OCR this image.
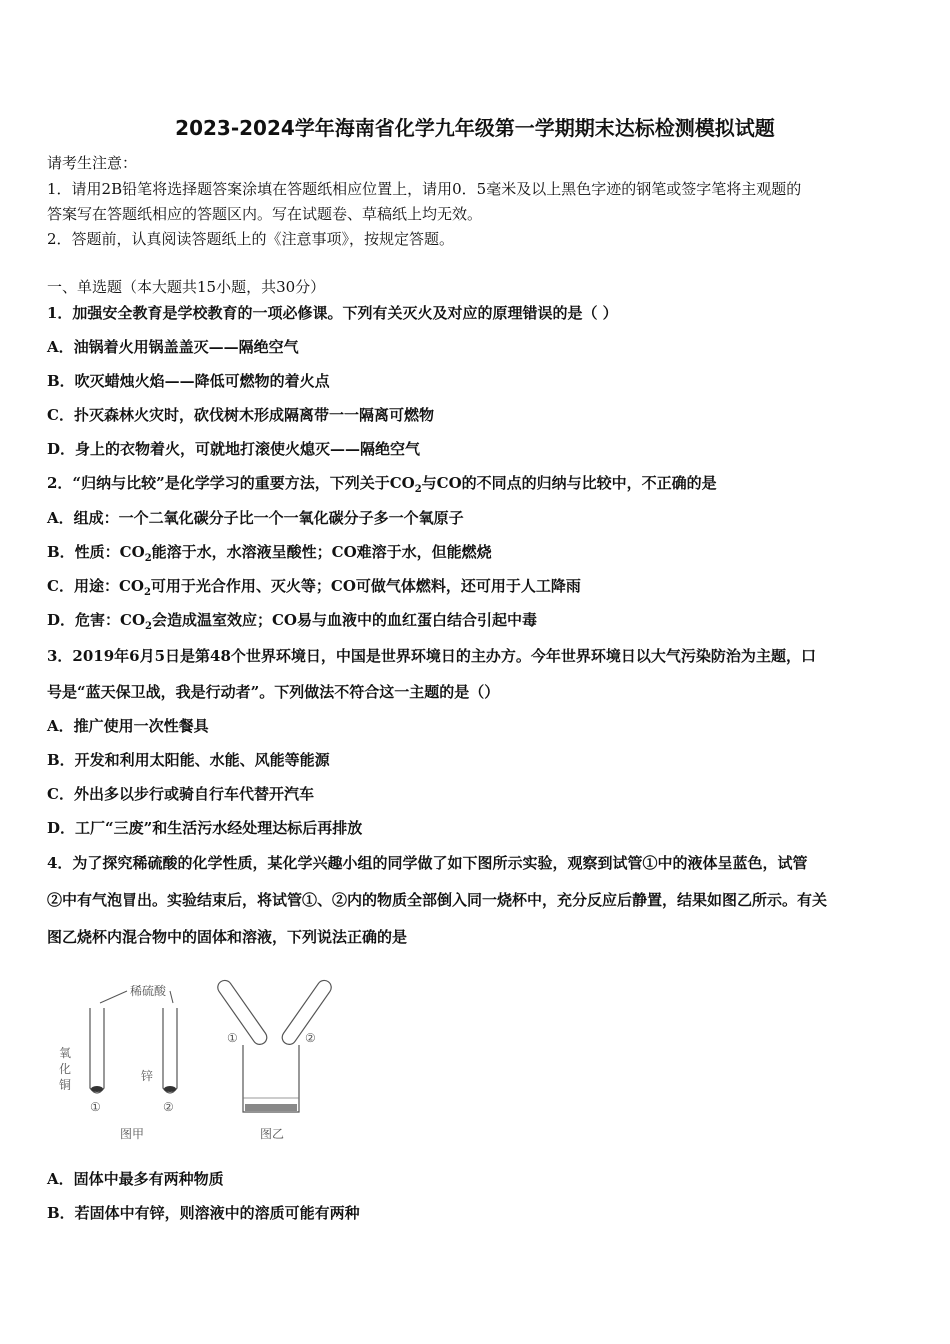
2023-2024学年海南省化学九年级第一学期期末达标检测模拟试题
请考生注意：
1．请用2B铅笔将选择题答案涂填在答题纸相应位置上，请用0．5毫米及以上黑色字迹的钢笔或签字笔将主观题的
答案写在答题纸相应的答题区内。写在试题卷、草稿纸上均无效。
2．答题前，认真阅读答题纸上的《注意事项》，按规定答题。
一、单选题（本大题共15小题，共30分）
1．加强安全教育是学校教育的一项必修课。下列有关灭火及对应的原理错误的是（ ）
A．油锅着火用锅盖盖灭——隔绝空气
B．吹灭蜡烛火焰——降低可燃物的着火点
C．扑灭森林火灾时，砍伐树木形成隔离带一一隔离可燃物
D．身上的衣物着火，可就地打滚使火熄灭——隔绝空气
2．“归纳与比较”是化学学习的重要方法，下列关于$CO_2$与CO的不同点的归纳与比较中，不正确的是
A．组成：一个二氧化碳分子比一个一氧化碳分子多一个氧原子
B．性质：$CO_2$能溶于水，水溶液呈酸性；CO难溶于水，但能燃烧
C．用途：$CO_2$可用于光合作用、灭火等；CO可做气体燃料，还可用于人工降雨
D．危害：$CO_2$会造成温室效应；CO易与血液中的血红蛋白结合引起中毒
3．2019年6月5日是第48个世界环境日，中国是世界环境日的主办方。今年世界环境日以大气污染防治为主题，口
号是“蓝天保卫战，我是行动者”。下列做法不符合这一主题的是（）
A．推广使用一次性餐具
B．开发和利用太阳能、水能、风能等能源
C．外出多以步行或骑自行车代替开汽车
D．工厂“三废”和生活污水经处理达标后再排放
4．为了探究稀硫酸的化学性质，某化学兴趣小组的同学做了如下图所示实验，观察到试管①中的液体呈蓝色，试管
②中有气泡冒出。实验结束后，将试管①、②内的物质全部倒入同一烧杯中，充分反应后静置，结果如图乙所示。有关
图乙烧杯内混合物中的固体和溶液，下列说法正确的是
稀硫酸
氧
化
铜
锌
①	②
图甲
①	②
图乙
A．固体中最多有两种物质
B．若固体中有锌，则溶液中的溶质可能有两种
